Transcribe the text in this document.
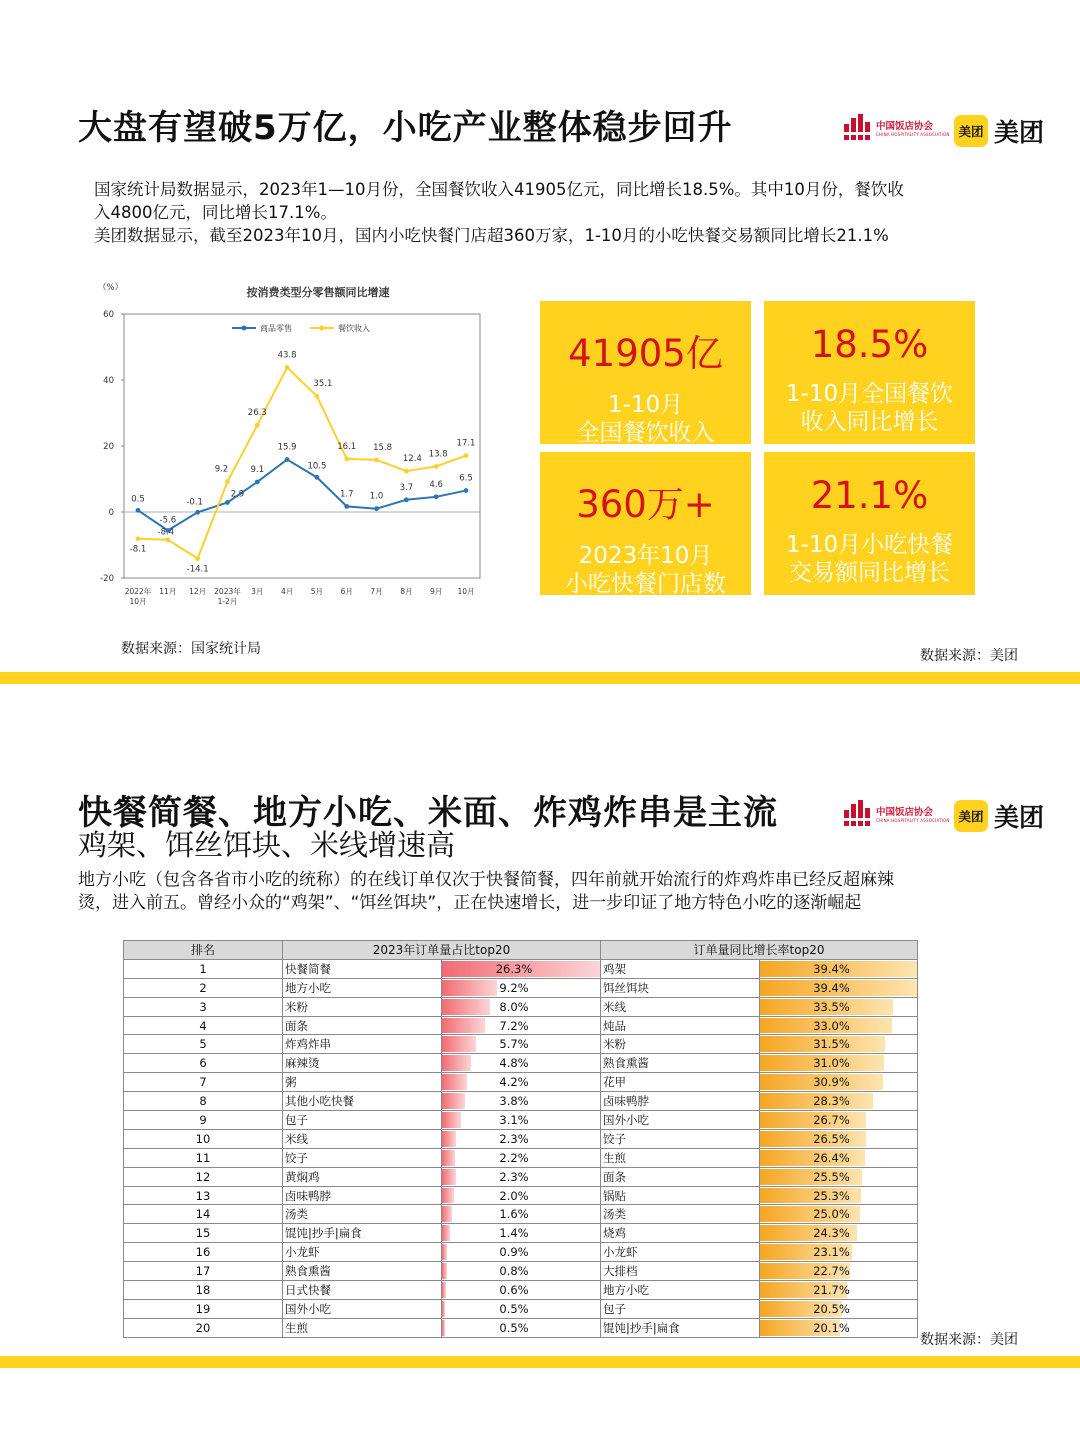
大盘有望破5万亿，小吃产业整体稳步回升	中国饭店协会
CHINA HOSPITALITY ASSOCIATION 美团 美团
国家统计局数据显示，2023年1—10月份，全国餐饮收入41905亿元，同比增长18.5%。其中10月份，餐饮收
入4800亿元，同比增长17.1%。
美团数据显示，截至2023年10月，国内小吃快餐门店超360万家，1-10月的小吃快餐交易额同比增长21.1%
按消费类型分零售额同比增速
（%）
60
40
20
0
-20
2022年
10月
11月 12月 2023年
1-2月
3月 4月 5月 6月 7月 8月 9月 10月
商品零售	餐饮收入
0.5
-5.6
-0.1
2.9
9.1
15.9
10.5
1.7 1.0
3.7 4.6
6.5
-8.1
-8.4
-14.1
9.2
26.3
43.8
35.1
16.1 15.8
12.4 13.8
17.1
41905亿
1-10月
全国餐饮收入
18.5%
1-10月全国餐饮
收入同比增长
360万+
2023年10月
小吃快餐门店数
21.1%
1-10月小吃快餐
交易额同比增长
数据来源：国家统计局	数据来源：美团
快餐简餐、地方小吃、米面、炸鸡炸串是主流
鸡架、饵丝饵块、米线增速高
中国饭店协会
CHINA HOSPITALITY ASSOCIATION 美团 美团
地方小吃（包含各省市小吃的统称）的在线订单仅次于快餐简餐，四年前就开始流行的炸鸡炸串已经反超麻辣
烫，进入前五。曾经小众的“鸡架”、“饵丝饵块”，正在快速增长，进一步印证了地方特色小吃的逐渐崛起
排名	2023年订单量占比top20		订单量同比增长率top20	
1	快餐简餐	26.3%	鸡架	39.4%

2	地方小吃	9.2%	饵丝饵块	39.4%

3	米粉	8.0%	米线	33.5%

4	面条	7.2%	炖品	33.0%

5	炸鸡炸串	5.7%	米粉	31.5%

6	麻辣烫	4.8%	熟食熏酱	31.0%

7	粥	4.2%	花甲	30.9%

8	其他小吃快餐	3.8%	卤味鸭脖	28.3%

9	包子	3.1%	国外小吃	26.7%

10	米线	2.3%	饺子	26.5%

11	饺子	2.2%	生煎	26.4%

12	黄焖鸡	2.3%	面条	25.5%

13	卤味鸭脖	2.0%	锅贴	25.3%

14	汤类	1.6%	汤类	25.0%

15	馄饨|抄手|扁食	1.4%	烧鸡	24.3%

16	小龙虾	0.9%	小龙虾	23.1%

17	熟食熏酱	0.8%	大排档	22.7%

18	日式快餐	0.6%	地方小吃	21.7%

19	国外小吃	0.5%	包子	20.5%

20	生煎	0.5%	馄饨|抄手|扁食	20.1%
数据来源：美团
